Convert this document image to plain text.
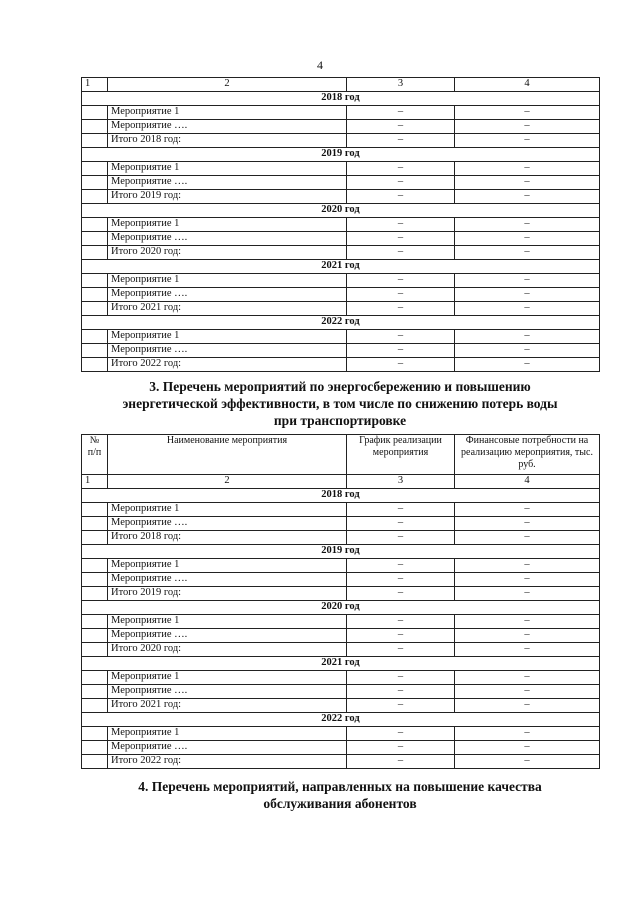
4
1	2	3	4
2018 год			
	Мероприятие 1	–	–
	Мероприятие ….	–	–
	Итого 2018 год:	–	–
2019 год			
	Мероприятие 1	–	–
	Мероприятие ….	–	–
	Итого 2019 год:	–	–
2020 год			
	Мероприятие 1	–	–
	Мероприятие ….	–	–
	Итого 2020 год:	–	–
2021 год			
	Мероприятие 1	–	–
	Мероприятие ….	–	–
	Итого 2021 год:	–	–
2022 год			
	Мероприятие 1	–	–
	Мероприятие ….	–	–
	Итого 2022 год:	–	–
3. Перечень мероприятий по энергосбережению и повышению
энергетической эффективности, в том числе по снижению потерь воды
при транспортировке
№ п/п	Наименование мероприятия	График реализации мероприятия	Финансовые потребности на реализацию мероприятия, тыс. руб.
1	2	3	4
2018 год			
	Мероприятие 1	–	–
	Мероприятие ….	–	–
	Итого 2018 год:	–	–
2019 год			
	Мероприятие 1	–	–
	Мероприятие ….	–	–
	Итого 2019 год:	–	–
2020 год			
	Мероприятие 1	–	–
	Мероприятие ….	–	–
	Итого 2020 год:	–	–
2021 год			
	Мероприятие 1	–	–
	Мероприятие ….	–	–
	Итого 2021 год:	–	–
2022 год			
	Мероприятие 1	–	–
	Мероприятие ….	–	–
	Итого 2022 год:	–	–
4. Перечень мероприятий, направленных на повышение качества
обслуживания абонентов
